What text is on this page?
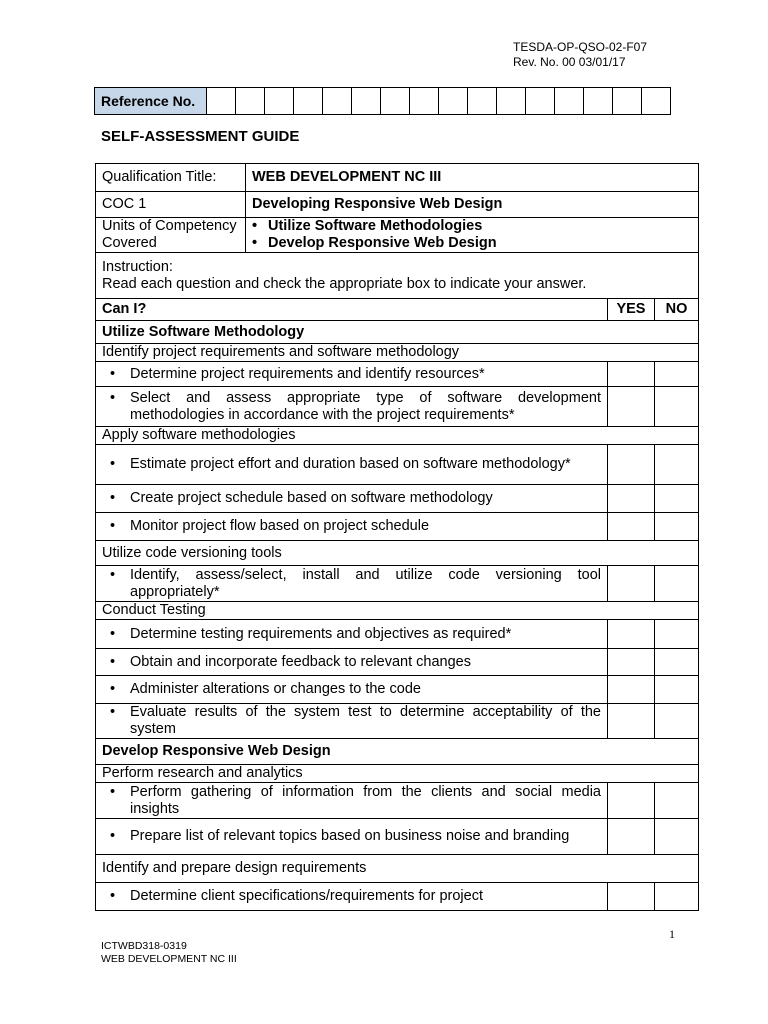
TESDA-OP-QSO-02-F07
Rev. No. 00 03/01/17
Reference No.																
SELF-ASSESSMENT GUIDE
Qualification Title:	WEB DEVELOPMENT NC III		
COC 1	Developing Responsive Web Design		
Units of Competency Covered	• Utilize Software Methodologies
• Develop Responsive Web Design		

Instruction:
Read each question and check the appropriate box to indicate your answer.			

Can I?		YES	NO
Utilize Software Methodology			
Identify project requirements and software methodology			

• Determine project requirements and identify resources*			

• Select and assess appropriate type of software development methodologies in accordance with the project requirements*			

Apply software methodologies			

• Estimate project effort and duration based on software methodology*			

• Create project schedule based on software methodology			

• Monitor project flow based on project schedule			

Utilize code versioning tools			

• Identify, assess/select, install and utilize code versioning tool appropriately*			

Conduct Testing			

• Determine testing requirements and objectives as required*			

• Obtain and incorporate feedback to relevant changes			

• Administer alterations or changes to the code			

• Evaluate results of the system test to determine acceptability of the system			

Develop Responsive Web Design			
Perform research and analytics			

• Perform gathering of information from the clients and social media insights			

• Prepare list of relevant topics based on business noise and branding			

Identify and prepare design requirements			

• Determine client specifications/requirements for project			

1
ICTWBD318-0319
WEB DEVELOPMENT NC III
